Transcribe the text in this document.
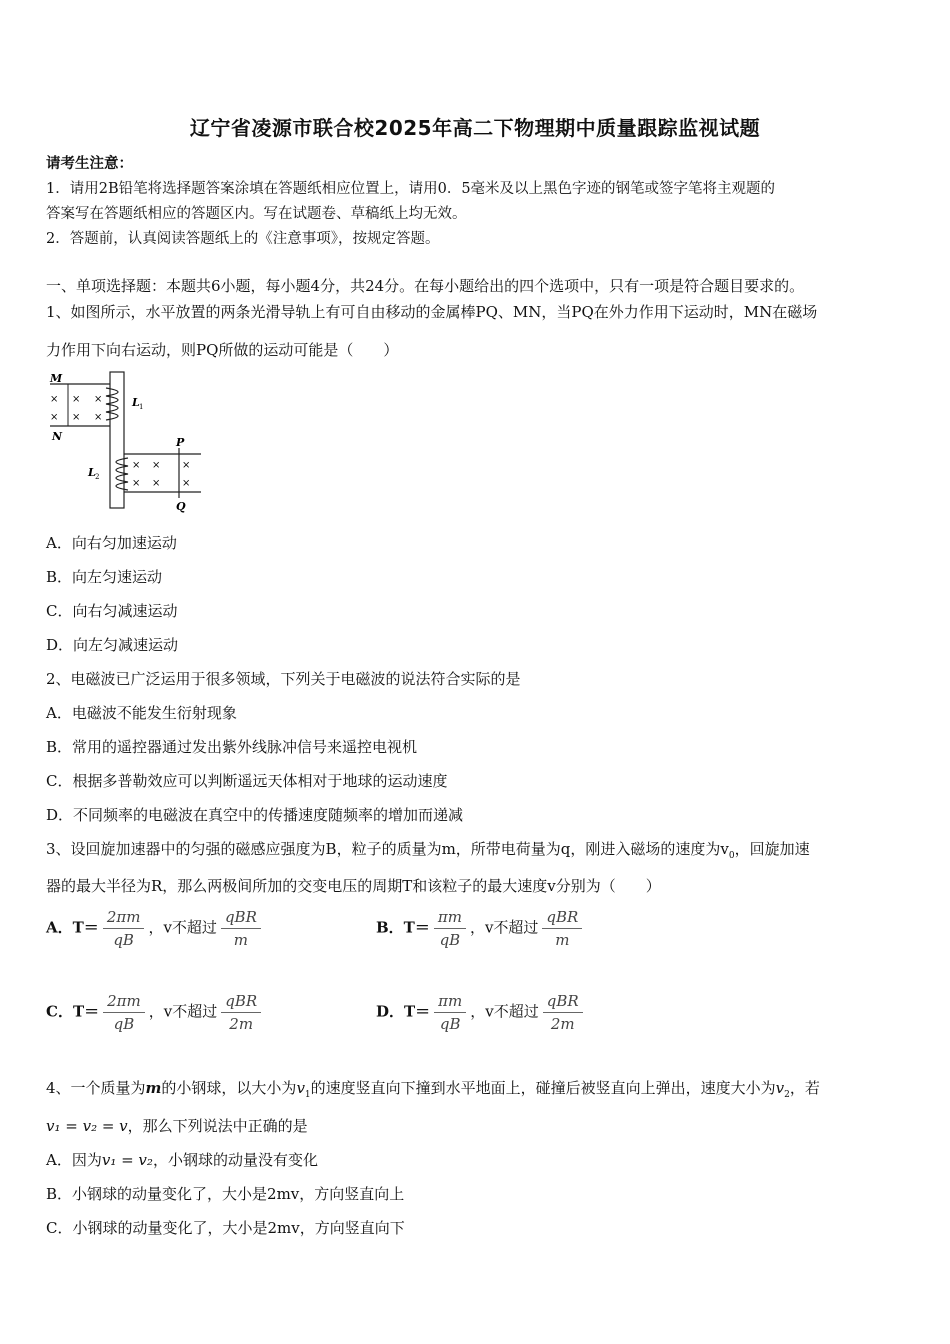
辽宁省凌源市联合校2025年高二下物理期中质量跟踪监视试题
请考生注意：
1．请用2B铅笔将选择题答案涂填在答题纸相应位置上，请用0．5毫米及以上黑色字迹的钢笔或签字笔将主观题的
答案写在答题纸相应的答题区内。写在试题卷、草稿纸上均无效。
2．答题前，认真阅读答题纸上的《注意事项》，按规定答题。
一、单项选择题：本题共6小题，每小题4分，共24分。在每小题给出的四个选项中，只有一项是符合题目要求的。
1、如图所示，水平放置的两条光滑导轨上有可自由移动的金属棒PQ、MN，当PQ在外力作用下运动时，MN在磁场
力作用下向右运动，则PQ所做的运动可能是（　　）
M
N
× × ×
× × ×
L 1
L 2
P
Q
× × ×
× × ×
A．向右匀加速运动
B．向左匀速运动
C．向右匀减速运动
D．向左匀减速运动
2、电磁波已广泛运用于很多领域，下列关于电磁波的说法符合实际的是
A．电磁波不能发生衍射现象
B．常用的遥控器通过发出紫外线脉冲信号来遥控电视机
C．根据多普勒效应可以判断遥远天体相对于地球的运动速度
D．不同频率的电磁波在真空中的传播速度随频率的增加而递减
3、设回旋加速器中的匀强的磁感应强度为B，粒子的质量为m，所带电荷量为q，刚进入磁场的速度为$v_0$，回旋加速
器的最大半径为R，那么两极间所加的交变电压的周期T和该粒子的最大速度v分别为（　　）
A．$T= \frac{2\pi m}{qB}$ ，v不超过 $\frac{\text{qBR}}{m}$	B．$T= \frac{\pi m}{qB}$ ，v不超过 $\frac{\text{qBR}}{m}$
C．$T= \frac{2\pi m}{qB}$ ，v不超过 $\frac{\text{qBR}}{2m}$	D．$T= \frac{\pi m}{qB}$ ，v不超过 $\frac{\text{qBR}}{2m}$
4、一个质量为m的小钢球，以大小为$v_1$的速度竖直向下撞到水平地面上，碰撞后被竖直向上弹出，速度大小为$v_2$，若
v₁ = v₂ = v，那么下列说法中正确的是
A．因为v₁ = v₂，小钢球的动量没有变化
B．小钢球的动量变化了，大小是2mv，方向竖直向上
C．小钢球的动量变化了，大小是2mv，方向竖直向下
